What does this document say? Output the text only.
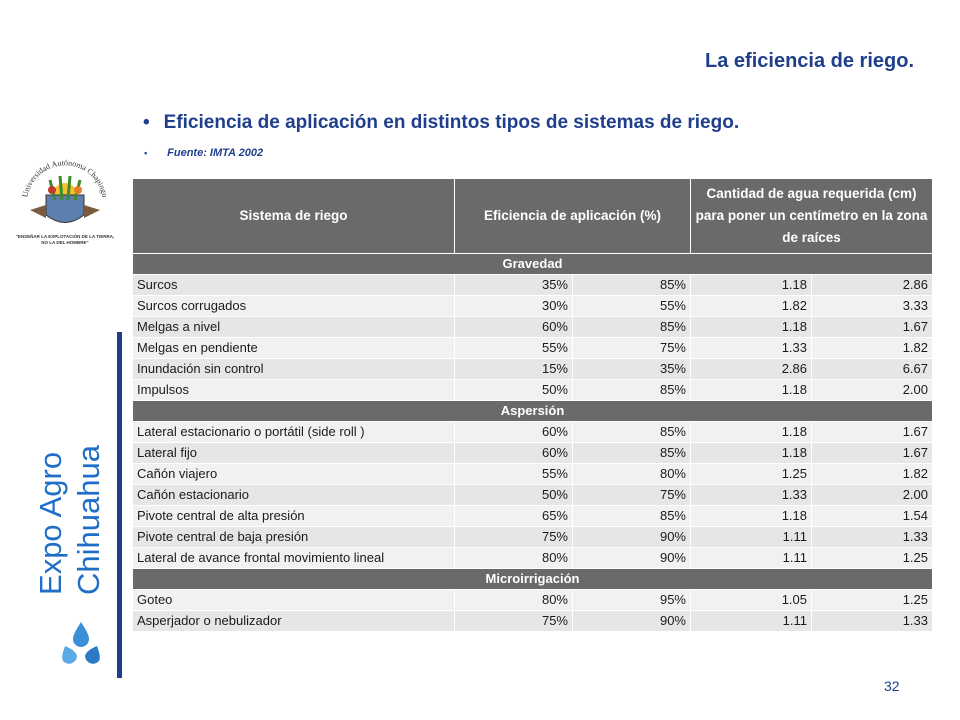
La eficiencia de riego.
• Eficiencia de aplicación en distintos tipos de sistemas de riego.
• Fuente: IMTA 2002
Universidad Autónoma Chapingo
"ENSEÑAR LA EXPLOTACIÓN DE LA TIERRA,
NO LA DEL HOMBRE"
Expo Agro Chihuahua
Sistema de riego	Eficiencia de aplicación (%)		Cantidad de agua requerida (cm) para poner un centímetro en la zona de raíces	
Gravedad				
Surcos	35%	85%	1.18	2.86
Surcos corrugados	30%	55%	1.82	3.33
Melgas a nivel	60%	85%	1.18	1.67
Melgas en pendiente	55%	75%	1.33	1.82
Inundación sin control	15%	35%	2.86	6.67
Impulsos	50%	85%	1.18	2.00
Aspersión				
Lateral estacionario o portátil (side roll )	60%	85%	1.18	1.67
Lateral fijo	60%	85%	1.18	1.67
Cañón viajero	55%	80%	1.25	1.82
Cañón estacionario	50%	75%	1.33	2.00
Pivote central de alta presión	65%	85%	1.18	1.54
Pivote central de baja presión	75%	90%	1.11	1.33
Lateral de avance frontal movimiento lineal	80%	90%	1.11	1.25
Microirrigación				
Goteo	80%	95%	1.05	1.25
Asperjador o nebulizador	75%	90%	1.11	1.33
32
